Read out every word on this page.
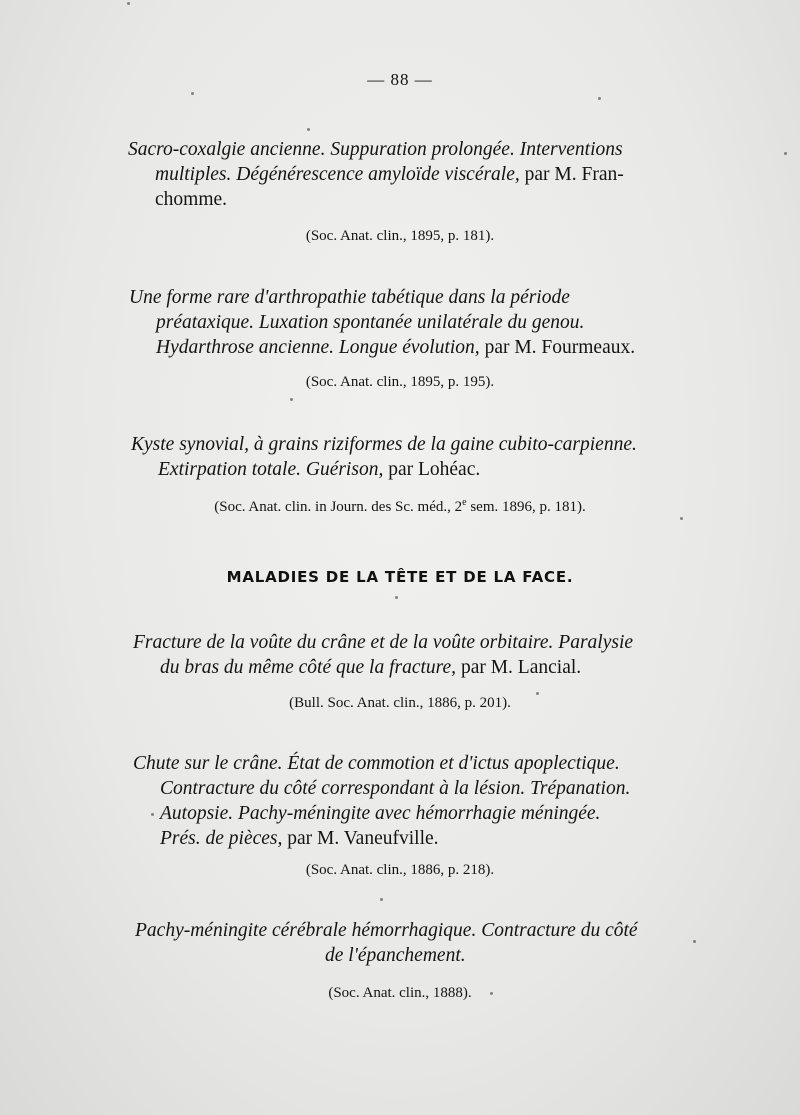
— 88 —
Sacro-coxalgie ancienne. Suppuration prolongée. Interventions
multiples. Dégénérescence amyloïde viscérale, par M. Fran-
chomme.
(Soc. Anat. clin., 1895, p. 181).
Une forme rare d'arthropathie tabétique dans la période
préataxique. Luxation spontanée unilatérale du genou.
Hydarthrose ancienne. Longue évolution, par M. Fourmeaux.
(Soc. Anat. clin., 1895, p. 195).
Kyste synovial, à grains riziformes de la gaine cubito-carpienne.
Extirpation totale. Guérison, par Lohéac.
(Soc. Anat. clin. in Journ. des Sc. méd., 2e sem. 1896, p. 181).
MALADIES DE LA TÊTE ET DE LA FACE.
Fracture de la voûte du crâne et de la voûte orbitaire. Paralysie
du bras du même côté que la fracture, par M. Lancial.
(Bull. Soc. Anat. clin., 1886, p. 201).
Chute sur le crâne. État de commotion et d'ictus apoplectique.
Contracture du côté correspondant à la lésion. Trépanation.
Autopsie. Pachy-méningite avec hémorrhagie méningée.
Prés. de pièces, par M. Vaneufville.
(Soc. Anat. clin., 1886, p. 218).
Pachy-méningite cérébrale hémorrhagique. Contracture du côté
de l'épanchement.
(Soc. Anat. clin., 1888).
